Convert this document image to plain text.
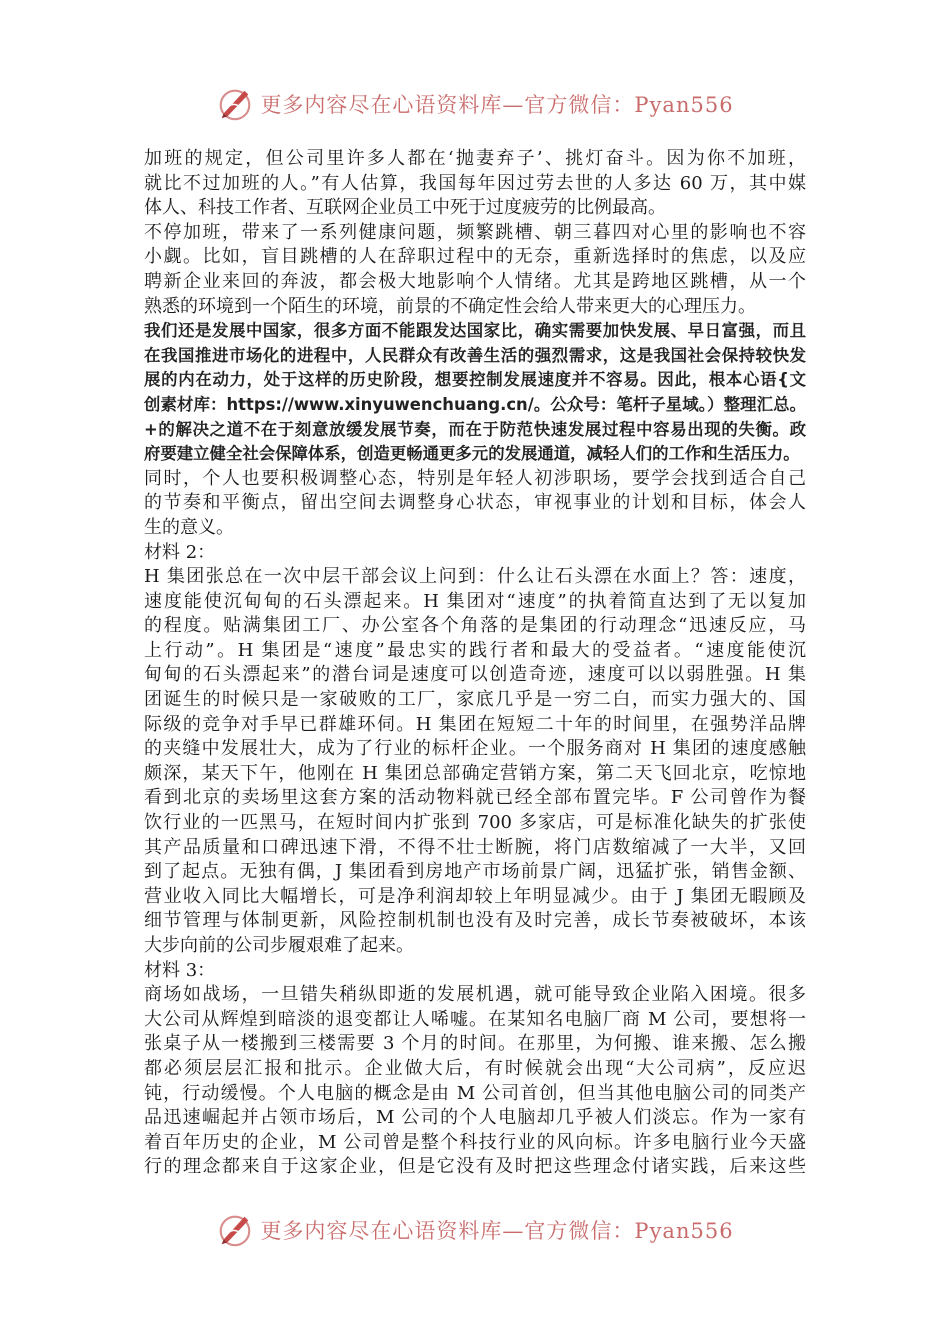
更多内容尽在心语资料库—官方微信：Pyan556
加班的规定，但公司里许多人都在‘抛妻弃子’、挑灯奋斗。因为你不加班，
就比不过加班的人。”有人估算，我国每年因过劳去世的人多达 60 万，其中媒
体人、科技工作者、互联网企业员工中死于过度疲劳的比例最高。
不停加班，带来了一系列健康问题，频繁跳槽、朝三暮四对心里的影响也不容
小觑。比如，盲目跳槽的人在辞职过程中的无奈，重新选择时的焦虑，以及应
聘新企业来回的奔波，都会极大地影响个人情绪。尤其是跨地区跳槽，从一个
熟悉的环境到一个陌生的环境，前景的不确定性会给人带来更大的心理压力。
我们还是发展中国家，很多方面不能跟发达国家比，确实需要加快发展、早日富强，而且
在我国推进市场化的进程中，人民群众有改善生活的强烈需求，这是我国社会保持较快发
展的内在动力，处于这样的历史阶段，想要控制发展速度并不容易。因此，根本心语{文
创素材库：https://www.xinyuwenchuang.cn/。公众号：笔杆子星域。）整理汇总。
+的解决之道不在于刻意放缓发展节奏，而在于防范快速发展过程中容易出现的失衡。政
府要建立健全社会保障体系，创造更畅通更多元的发展通道，减轻人们的工作和生活压力。
同时，个人也要积极调整心态，特别是年轻人初涉职场，要学会找到适合自己
的节奏和平衡点，留出空间去调整身心状态，审视事业的计划和目标，体会人
生的意义。
材料 2：
H 集团张总在一次中层干部会议上问到：什么让石头漂在水面上？答：速度，
速度能使沉甸甸的石头漂起来。H 集团对“速度”的执着简直达到了无以复加
的程度。贴满集团工厂、办公室各个角落的是集团的行动理念“迅速反应，马
上行动”。H 集团是“速度”最忠实的践行者和最大的受益者。“速度能使沉
甸甸的石头漂起来”的潜台词是速度可以创造奇迹，速度可以以弱胜强。H 集
团诞生的时候只是一家破败的工厂，家底几乎是一穷二白，而实力强大的、国
际级的竞争对手早已群雄环伺。H 集团在短短二十年的时间里，在强势洋品牌
的夹缝中发展壮大，成为了行业的标杆企业。一个服务商对 H 集团的速度感触
颇深，某天下午，他刚在 H 集团总部确定营销方案，第二天飞回北京，吃惊地
看到北京的卖场里这套方案的活动物料就已经全部布置完毕。F 公司曾作为餐
饮行业的一匹黑马，在短时间内扩张到 700 多家店，可是标准化缺失的扩张使
其产品质量和口碑迅速下滑，不得不壮士断腕，将门店数缩减了一大半，又回
到了起点。无独有偶，J 集团看到房地产市场前景广阔，迅猛扩张，销售金额、
营业收入同比大幅增长，可是净利润却较上年明显减少。由于 J 集团无暇顾及
细节管理与体制更新，风险控制机制也没有及时完善，成长节奏被破坏，本该
大步向前的公司步履艰难了起来。
材料 3：
商场如战场，一旦错失稍纵即逝的发展机遇，就可能导致企业陷入困境。很多
大公司从辉煌到暗淡的退变都让人唏嘘。在某知名电脑厂商 M 公司，要想将一
张桌子从一楼搬到三楼需要 3 个月的时间。在那里，为何搬、谁来搬、怎么搬
都必须层层汇报和批示。企业做大后，有时候就会出现“大公司病”，反应迟
钝，行动缓慢。个人电脑的概念是由 M 公司首创，但当其他电脑公司的同类产
品迅速崛起并占领市场后，M 公司的个人电脑却几乎被人们淡忘。作为一家有
着百年历史的企业，M 公司曾是整个科技行业的风向标。许多电脑行业今天盛
行的理念都来自于这家企业，但是它没有及时把这些理念付诸实践，后来这些
更多内容尽在心语资料库—官方微信：Pyan556
